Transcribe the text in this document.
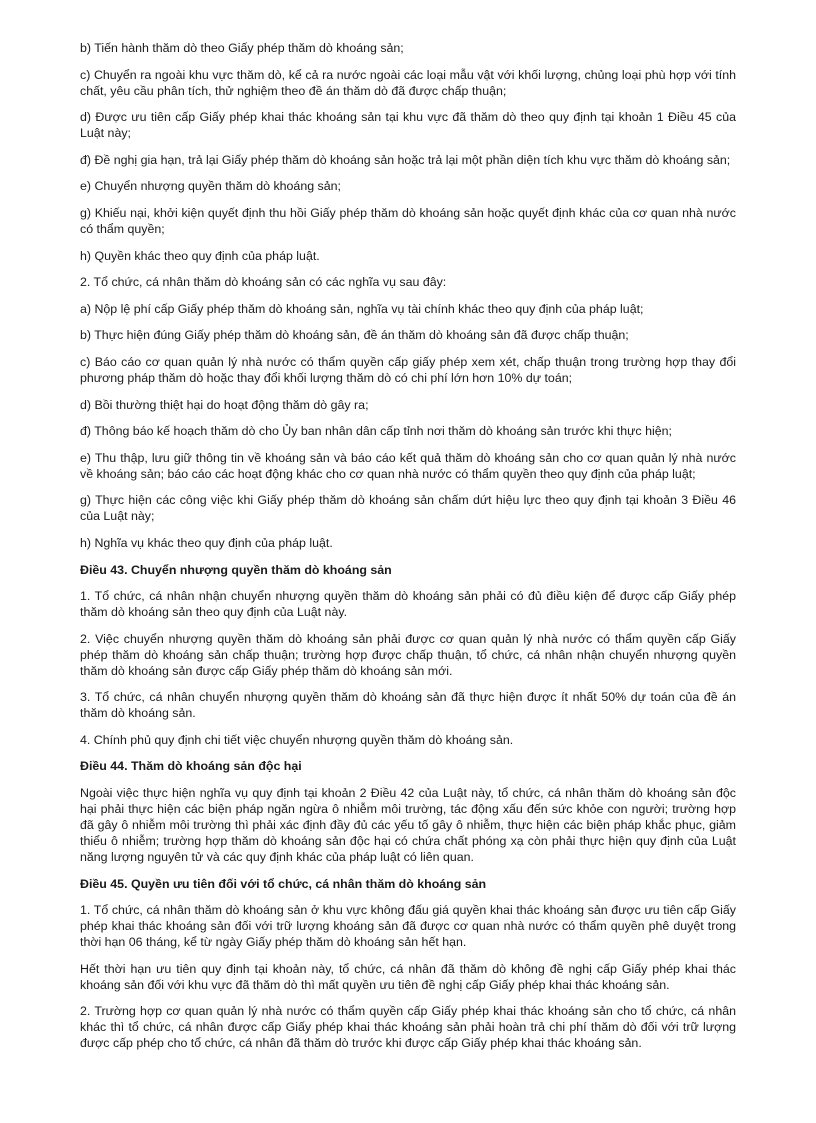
b) Tiến hành thăm dò theo Giấy phép thăm dò khoáng sản;

c) Chuyển ra ngoài khu vực thăm dò, kể cả ra nước ngoài các loại mẫu vật với khối lượng, chủng loại phù hợp với tính chất, yêu cầu phân tích, thử nghiệm theo đề án thăm dò đã được chấp thuận;

d) Được ưu tiên cấp Giấy phép khai thác khoáng sản tại khu vực đã thăm dò theo quy định tại khoản 1 Điều 45 của Luật này;

đ) Đề nghị gia hạn, trả lại Giấy phép thăm dò khoáng sản hoặc trả lại một phần diện tích khu vực thăm dò khoáng sản;

e) Chuyển nhượng quyền thăm dò khoáng sản;

g) Khiếu nại, khởi kiện quyết định thu hồi Giấy phép thăm dò khoáng sản hoặc quyết định khác của cơ quan nhà nước có thẩm quyền;

h) Quyền khác theo quy định của pháp luật.

2. Tổ chức, cá nhân thăm dò khoáng sản có các nghĩa vụ sau đây:

a) Nộp lệ phí cấp Giấy phép thăm dò khoáng sản, nghĩa vụ tài chính khác theo quy định của pháp luật;

b) Thực hiện đúng Giấy phép thăm dò khoáng sản, đề án thăm dò khoáng sản đã được chấp thuận;

c) Báo cáo cơ quan quản lý nhà nước có thẩm quyền cấp giấy phép xem xét, chấp thuận trong trường hợp thay đổi phương pháp thăm dò hoặc thay đổi khối lượng thăm dò có chi phí lớn hơn 10% dự toán;

d) Bồi thường thiệt hại do hoạt động thăm dò gây ra;

đ) Thông báo kế hoạch thăm dò cho Ủy ban nhân dân cấp tỉnh nơi thăm dò khoáng sản trước khi thực hiện;

e) Thu thập, lưu giữ thông tin về khoáng sản và báo cáo kết quả thăm dò khoáng sản cho cơ quan quản lý nhà nước về khoáng sản; báo cáo các hoạt động khác cho cơ quan nhà nước có thẩm quyền theo quy định của pháp luật;

g) Thực hiện các công việc khi Giấy phép thăm dò khoáng sản chấm dứt hiệu lực theo quy định tại khoản 3 Điều 46 của Luật này;

h) Nghĩa vụ khác theo quy định của pháp luật.

Điều 43. Chuyển nhượng quyền thăm dò khoáng sản

1. Tổ chức, cá nhân nhận chuyển nhượng quyền thăm dò khoáng sản phải có đủ điều kiện để được cấp Giấy phép thăm dò khoáng sản theo quy định của Luật này.

2. Việc chuyển nhượng quyền thăm dò khoáng sản phải được cơ quan quản lý nhà nước có thẩm quyền cấp Giấy phép thăm dò khoáng sản chấp thuận; trường hợp được chấp thuận, tổ chức, cá nhân nhận chuyển nhượng quyền thăm dò khoáng sản được cấp Giấy phép thăm dò khoáng sản mới.

3. Tổ chức, cá nhân chuyển nhượng quyền thăm dò khoáng sản đã thực hiện được ít nhất 50% dự toán của đề án thăm dò khoáng sản.

4. Chính phủ quy định chi tiết việc chuyển nhượng quyền thăm dò khoáng sản.

Điều 44. Thăm dò khoáng sản độc hại

Ngoài việc thực hiện nghĩa vụ quy định tại khoản 2 Điều 42 của Luật này, tổ chức, cá nhân thăm dò khoáng sản độc hại phải thực hiện các biện pháp ngăn ngừa ô nhiễm môi trường, tác động xấu đến sức khỏe con người; trường hợp đã gây ô nhiễm môi trường thì phải xác định đầy đủ các yếu tố gây ô nhiễm, thực hiện các biện pháp khắc phục, giảm thiểu ô nhiễm; trường hợp thăm dò khoáng sản độc hại có chứa chất phóng xạ còn phải thực hiện quy định của Luật năng lượng nguyên tử và các quy định khác của pháp luật có liên quan.

Điều 45. Quyền ưu tiên đối với tổ chức, cá nhân thăm dò khoáng sản

1. Tổ chức, cá nhân thăm dò khoáng sản ở khu vực không đấu giá quyền khai thác khoáng sản được ưu tiên cấp Giấy phép khai thác khoáng sản đối với trữ lượng khoáng sản đã được cơ quan nhà nước có thẩm quyền phê duyệt trong thời hạn 06 tháng, kể từ ngày Giấy phép thăm dò khoáng sản hết hạn.

Hết thời hạn ưu tiên quy định tại khoản này, tổ chức, cá nhân đã thăm dò không đề nghị cấp Giấy phép khai thác khoáng sản đối với khu vực đã thăm dò thì mất quyền ưu tiên đề nghị cấp Giấy phép khai thác khoáng sản.

2. Trường hợp cơ quan quản lý nhà nước có thẩm quyền cấp Giấy phép khai thác khoáng sản cho tổ chức, cá nhân khác thì tổ chức, cá nhân được cấp Giấy phép khai thác khoáng sản phải hoàn trả chi phí thăm dò đối với trữ lượng được cấp phép cho tổ chức, cá nhân đã thăm dò trước khi được cấp Giấy phép khai thác khoáng sản.
